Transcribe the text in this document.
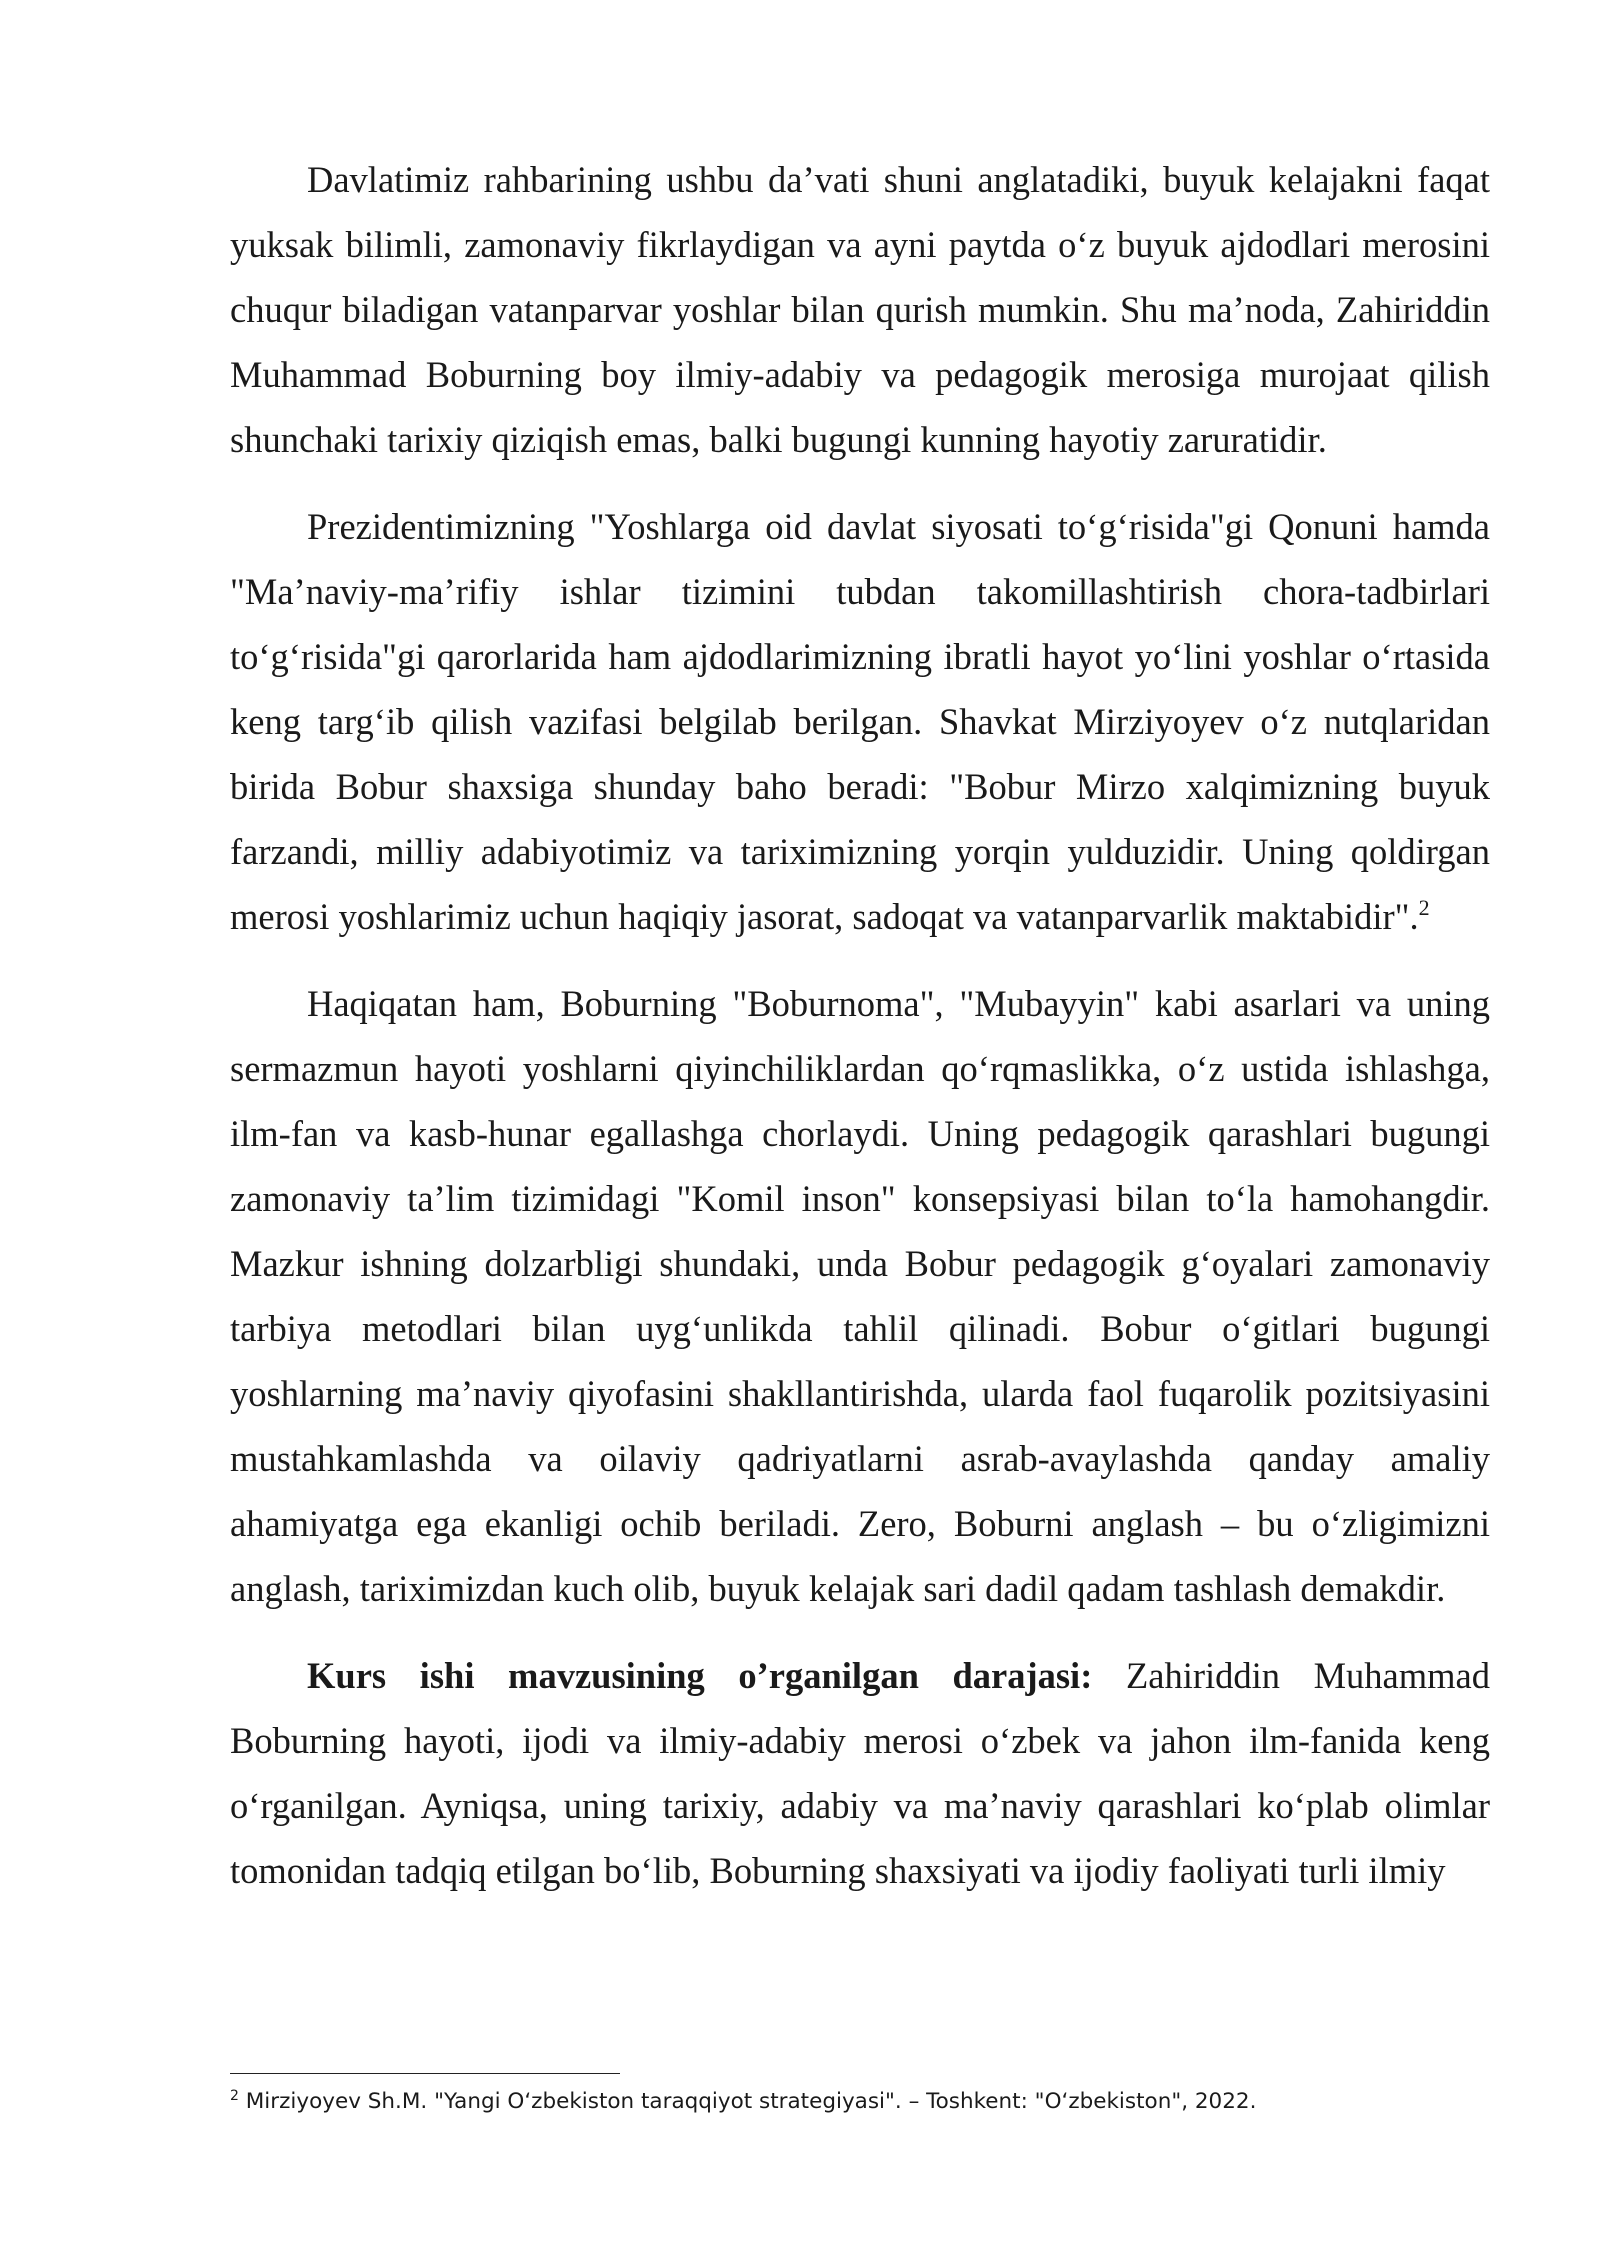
Davlatimiz rahbarining ushbu da’vati shuni anglatadiki, buyuk kelajakni faqat yuksak bilimli, zamonaviy fikrlaydigan va ayni paytda o‘z buyuk ajdodlari merosini chuqur biladigan vatanparvar yoshlar bilan qurish mumkin. Shu ma’noda, Zahiriddin Muhammad Boburning boy ilmiy-adabiy va pedagogik merosiga murojaat qilish shunchaki tarixiy qiziqish emas, balki bugungi kunning hayotiy zaruratidir.

Prezidentimizning "Yoshlarga oid davlat siyosati to‘g‘risida"gi Qonuni hamda "Ma’naviy-ma’rifiy ishlar tizimini tubdan takomillashtirish chora-tadbirlari to‘g‘risida"gi qarorlarida ham ajdodlarimizning ibratli hayot yo‘lini yoshlar o‘rtasida keng targ‘ib qilish vazifasi belgilab berilgan. Shavkat Mirziyoyev o‘z nutqlaridan birida Bobur shaxsiga shunday baho beradi: "Bobur Mirzo xalqimizning buyuk farzandi, milliy adabiyotimiz va tariximizning yorqin yulduzidir. Uning qoldirgan merosi yoshlarimiz uchun haqiqiy jasorat, sadoqat va vatanparvarlik maktabidir".$^2$

Haqiqatan ham, Boburning "Boburnoma", "Mubayyin" kabi asarlari va uning sermazmun hayoti yoshlarni qiyinchiliklardan qo‘rqmaslikka, o‘z ustida ishlashga, ilm-fan va kasb-hunar egallashga chorlaydi. Uning pedagogik qarashlari bugungi zamonaviy ta’lim tizimidagi "Komil inson" konsepsiyasi bilan to‘la hamohangdir. Mazkur ishning dolzarbligi shundaki, unda Bobur pedagogik g‘oyalari zamonaviy tarbiya metodlari bilan uyg‘unlikda tahlil qilinadi. Bobur o‘gitlari bugungi yoshlarning ma’naviy qiyofasini shakllantirishda, ularda faol fuqarolik pozitsiyasini mustahkamlashda va oilaviy qadriyatlarni asrab-avaylashda qanday amaliy ahamiyatga ega ekanligi ochib beriladi. Zero, Boburni anglash – bu o‘zligimizni anglash, tariximizdan kuch olib, buyuk kelajak sari dadil qadam tashlash demakdir.

Kurs ishi mavzusining o’rganilgan darajasi: Zahiriddin Muhammad Boburning hayoti, ijodi va ilmiy-adabiy merosi o‘zbek va jahon ilm-fanida keng o‘rganilgan. Ayniqsa, uning tarixiy, adabiy va ma’naviy qarashlari ko‘plab olimlar tomonidan tadqiq etilgan bo‘lib, Boburning shaxsiyati va ijodiy faoliyati turli ilmiy

$^2$ Mirziyoyev Sh.M. "Yangi O‘zbekiston taraqqiyot strategiyasi". – Toshkent: "O‘zbekiston", 2022.
